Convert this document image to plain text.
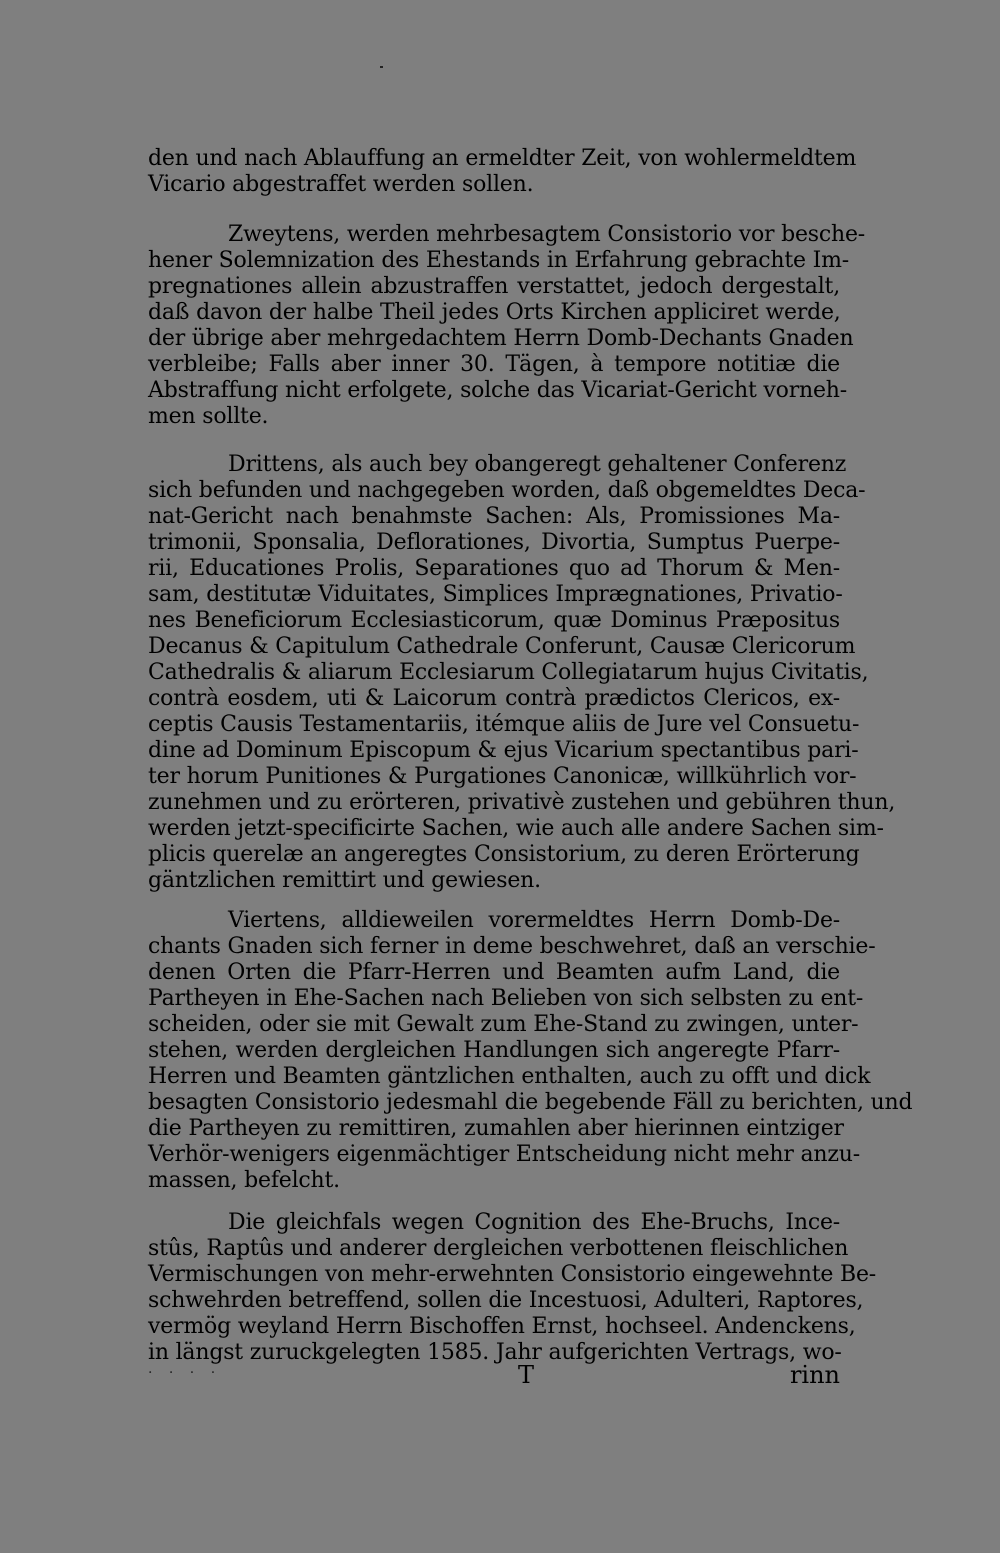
den und nach Ablauffung an ermeldter Zeit, von wohlermeldtem
Vicario abgestraffet werden sollen.
Zweytens, werden mehrbesagtem Consistorio vor besche-
hener Solemnization des Ehestands in Erfahrung gebrachte Im-
pregnationes allein abzustraffen verstattet, jedoch dergestalt,
daß davon der halbe Theil jedes Orts Kirchen appliciret werde,
der übrige aber mehrgedachtem Herrn Domb-Dechants Gnaden
verbleibe; Falls aber inner 30. Tägen, à tempore notitiæ die
Abstraffung nicht erfolgete, solche das Vicariat-Gericht vorneh-
men sollte.
Drittens, als auch bey obangeregt gehaltener Conferenz
sich befunden und nachgegeben worden, daß obgemeldtes Deca-
nat-Gericht nach benahmste Sachen: Als, Promissiones Ma-
trimonii, Sponsalia, Deflorationes, Divortia, Sumptus Puerpe-
rii, Educationes Prolis, Separationes quo ad Thorum & Men-
sam, destitutæ Viduitates, Simplices Imprægnationes, Privatio-
nes Beneficiorum Ecclesiasticorum, quæ Dominus Præpositus
Decanus & Capitulum Cathedrale Conferunt, Causæ Clericorum
Cathedralis & aliarum Ecclesiarum Collegiatarum hujus Civitatis,
contrà eosdem, uti & Laicorum contrà prædictos Clericos, ex-
ceptis Causis Testamentariis, itémque aliis de Jure vel Consuetu-
dine ad Dominum Episcopum & ejus Vicarium spectantibus pari-
ter horum Punitiones & Purgationes Canonicæ, willkührlich vor-
zunehmen und zu erörteren, privativè zustehen und gebühren thun,
werden jetzt-specificirte Sachen, wie auch alle andere Sachen sim-
plicis querelæ an angeregtes Consistorium, zu deren Erörterung
gäntzlichen remittirt und gewiesen.
Viertens, alldieweilen vorermeldtes Herrn Domb-De-
chants Gnaden sich ferner in deme beschwehret, daß an verschie-
denen Orten die Pfarr-Herren und Beamten aufm Land, die
Partheyen in Ehe-Sachen nach Belieben von sich selbsten zu ent-
scheiden, oder sie mit Gewalt zum Ehe-Stand zu zwingen, unter-
stehen, werden dergleichen Handlungen sich angeregte Pfarr-
Herren und Beamten gäntzlichen enthalten, auch zu offt und dick
besagten Consistorio jedesmahl die begebende Fäll zu berichten, und
die Partheyen zu remittiren, zumahlen aber hierinnen eintziger
Verhör-wenigers eigenmächtiger Entscheidung nicht mehr anzu-
massen, befelcht.
Die gleichfals wegen Cognition des Ehe-Bruchs, Ince-
stûs, Raptûs und anderer dergleichen verbottenen fleischlichen
Vermischungen von mehr-erwehnten Consistorio eingewehnte Be-
schwehrden betreffend, sollen die Incestuosi, Adulteri, Raptores,
vermög weyland Herrn Bischoffen Ernst, hochseel. Andenckens,
in längst zuruckgelegten 1585. Jahr aufgerichten Vertrags, wo-
· · · ·	T	rinn
